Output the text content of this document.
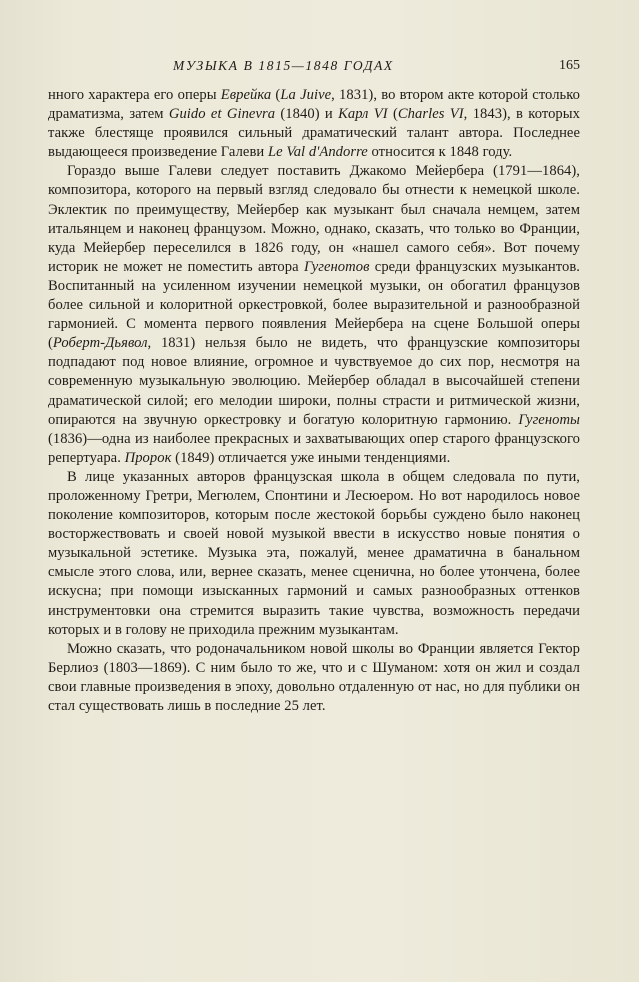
МУЗЫКА В 1815—1848 ГОДАХ	165

нного характера его оперы Еврейка (La Juive, 1831), во втором акте которой столько драматизма, затем Guido et Ginevra (1840) и Карл VI (Charles VI, 1843), в которых также блестяще проявился сильный драматический талант автора. Последнее выдающееся произведение Галеви Le Val d'Andorre относится к 1848 году.

Гораздо выше Галеви следует поставить Джакомо Мейербера (1791—1864), композитора, которого на первый взгляд следовало бы отнести к немецкой школе. Эклектик по преимуществу, Мейербер как музыкант был сначала немцем, затем итальянцем и наконец французом. Можно, однако, сказать, что только во Франции, куда Мейербер переселился в 1826 году, он «нашел самого себя». Вот почему историк не может не поместить автора Гугенотов среди французских музыкантов. Воспитанный на усиленном изучении немецкой музыки, он обогатил французов более сильной и колоритной оркестровкой, более выразительной и разнообразной гармонией. С момента первого появления Мейербера на сцене Большой оперы (Роберт-Дьявол, 1831) нельзя было не видеть, что французские композиторы подпадают под новое влияние, огромное и чувствуемое до сих пор, несмотря на современную музыкальную эволюцию. Мейербер обладал в высочайшей степени драматической силой; его мелодии широки, полны страсти и ритмической жизни, опираются на звучную оркестровку и богатую колоритную гармонию. Гугеноты (1836)—одна из наиболее прекрасных и захватывающих опер старого французского репертуара. Пророк (1849) отличается уже иными тенденциями.

В лице указанных авторов французская школа в общем следовала по пути, проложенному Гретри, Мегюлем, Спонтини и Лесюером. Но вот народилось новое поколение композиторов, которым после жестокой борьбы суждено было наконец восторжествовать и своей новой музыкой ввести в искусство новые понятия о музыкальной эстетике. Музыка эта, пожалуй, менее драматична в банальном смысле этого слова, или, вернее сказать, менее сценична, но более утончена, более искусна; при помощи изысканных гармоний и самых разнообразных оттенков инструментовки она стремится выразить такие чувства, возможность передачи которых и в голову не приходила прежним музыкантам.

Можно сказать, что родоначальником новой школы во Франции является Гектор Берлиоз (1803—1869). С ним было то же, что и с Шуманом: хотя он жил и создал свои главные произведения в эпоху, довольно отдаленную от нас, но для публики он стал существовать лишь в последние 25 лет.
